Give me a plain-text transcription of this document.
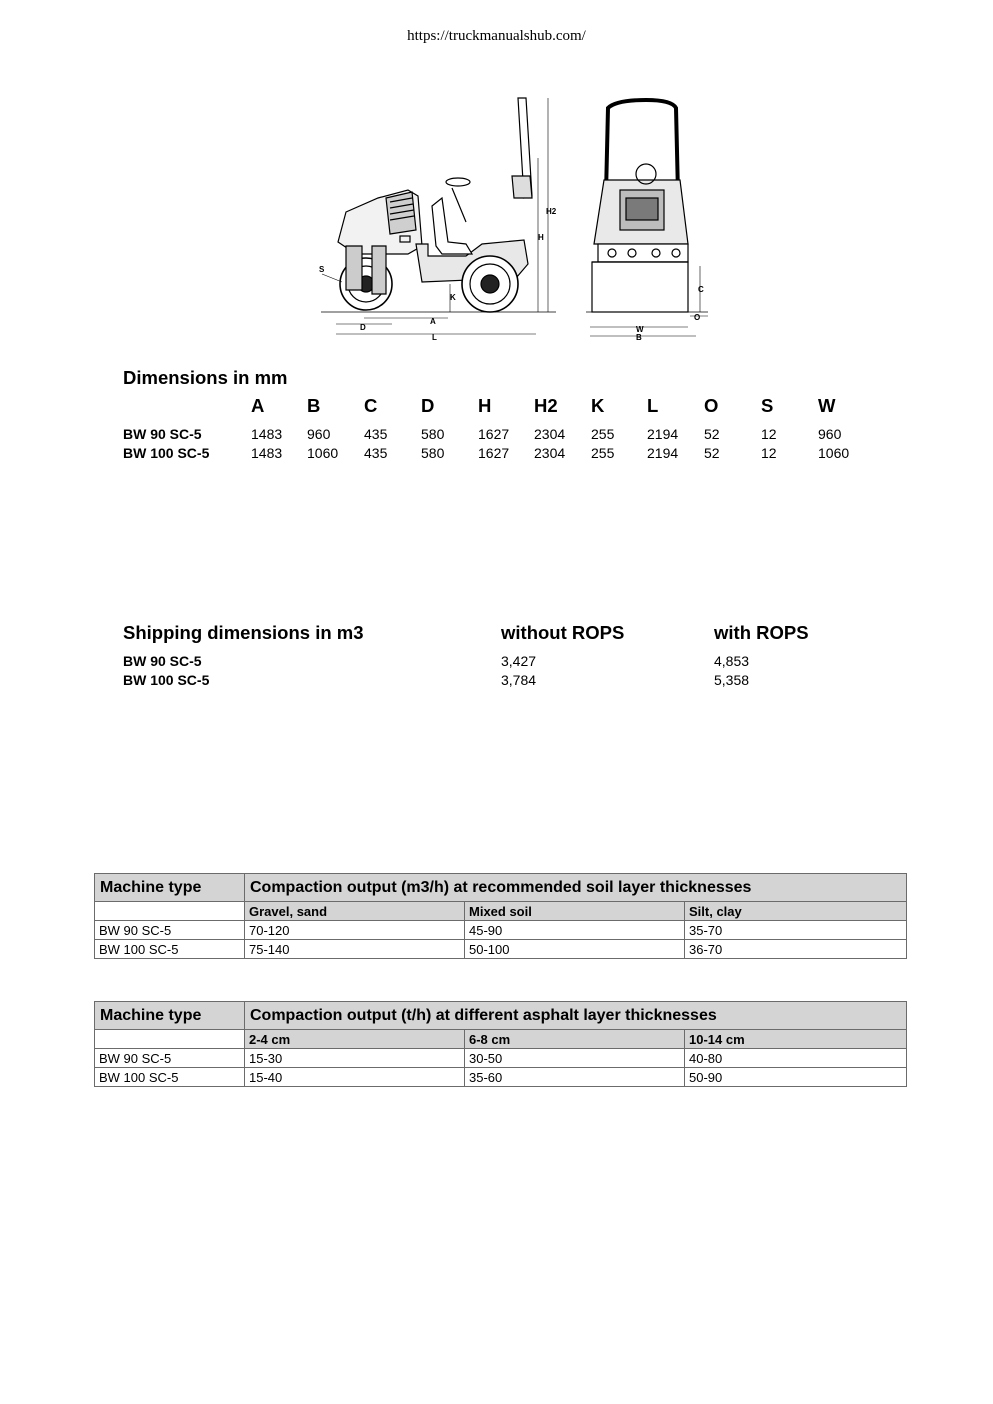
https://truckmanualshub.com/
S
D
A
L
K
H
H2
C
O
W
B
Dimensions in mm
A B C D H H2 K L O S W
BW 90 SC-5	1483 960 435 580 1627 2304 255 2194 52	12	960
BW 100 SC-5	1483 1060 435 580 1627 2304 255 2194 52	12	1060
Shipping dimensions in m3	without ROPS	with ROPS
BW 90 SC-5	3,427	4,853
BW 100 SC-5	3,784	5,358
Machine type	Compaction output (m3/h) at recommended soil layer thicknesses		
	Gravel, sand	Mixed soil	Silt, clay
BW 90 SC-5	70-120	45-90	35-70
BW 100 SC-5	75-140	50-100	36-70
Machine type	Compaction output (t/h) at different asphalt layer thicknesses		
	2-4 cm	6-8 cm	10-14 cm
BW 90 SC-5	15-30	30-50	40-80
BW 100 SC-5	15-40	35-60	50-90
